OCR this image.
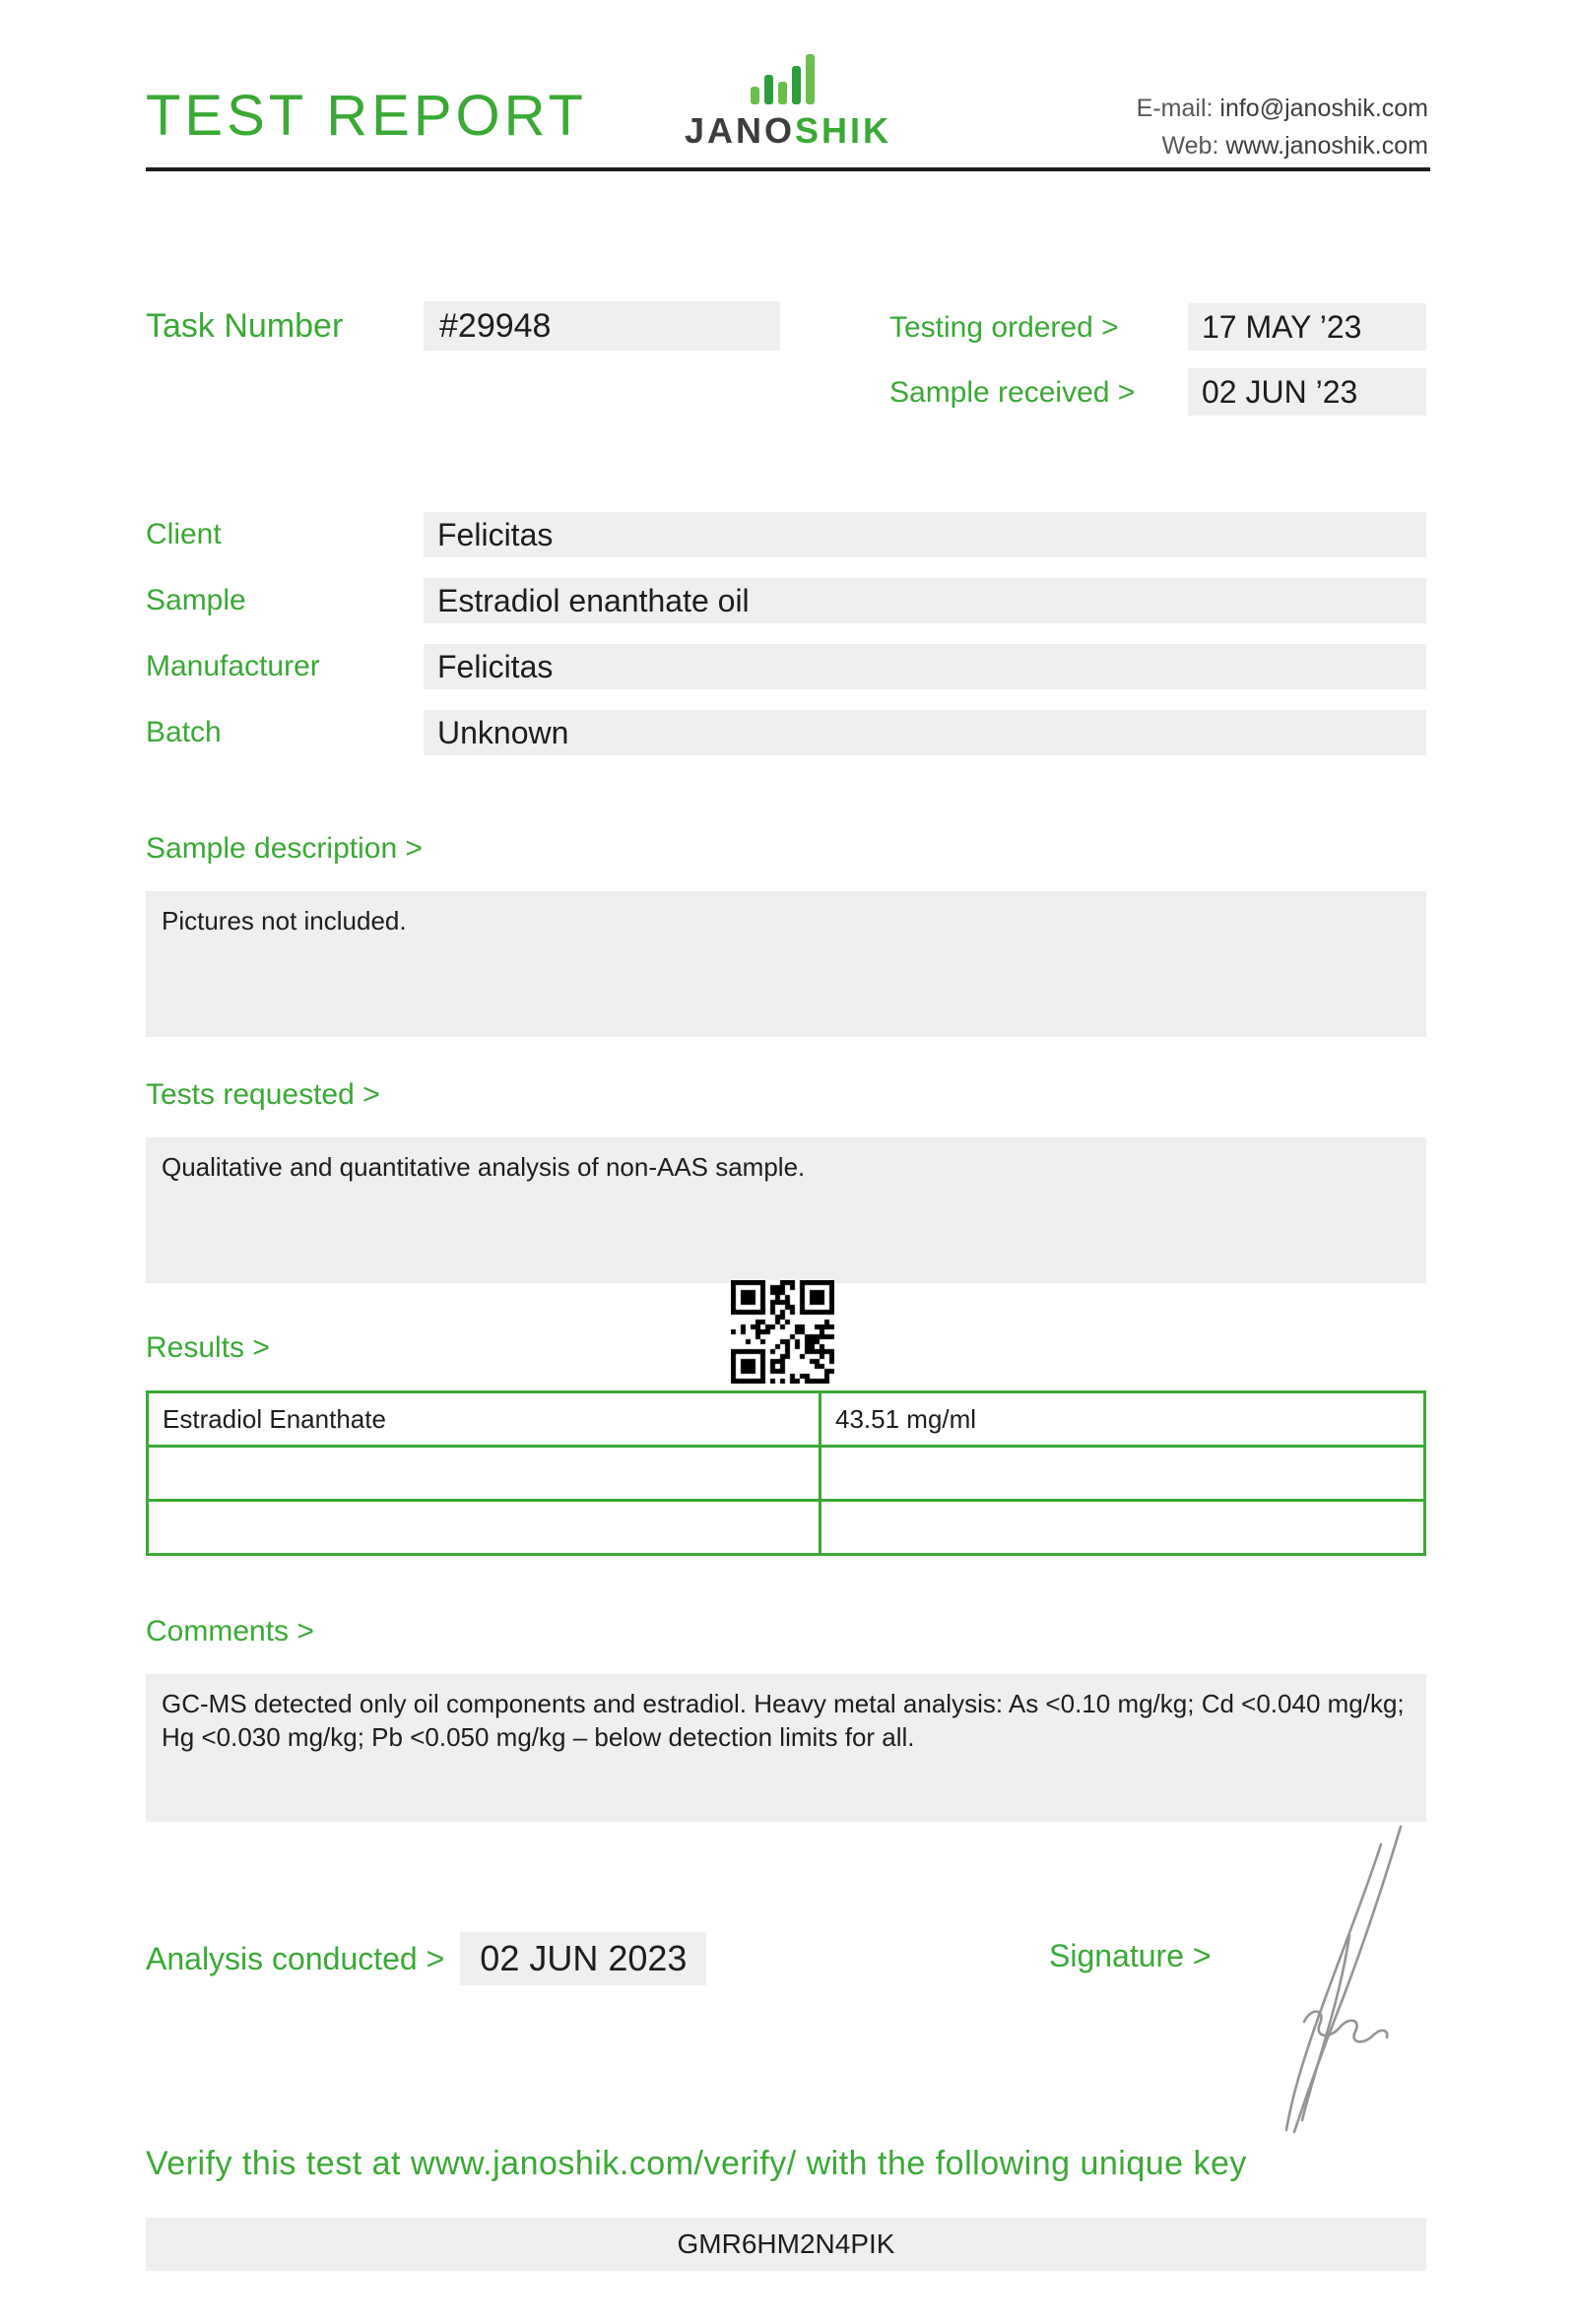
TEST REPORT	JANOSHIK
E-mail: info@janoshik.com
Web: www.janoshik.com
Task Number	#29948	Testing ordered >	17 MAY ’23
Sample received >	02 JUN ’23
Client	Felicitas
Sample	Estradiol enanthate oil
Manufacturer	Felicitas
Batch	Unknown
Sample description >
Pictures not included.
Tests requested >
Qualitative and quantitative analysis of non-AAS sample.
Results >
Estradiol Enanthate	43.51 mg/ml

Comments >
GC-MS detected only oil components and estradiol. Heavy metal analysis: As <0.10 mg/kg; Cd <0.040 mg/kg; Hg <0.030 mg/kg; Pb <0.050 mg/kg – below detection limits for all.
Analysis conducted >	02 JUN 2023	Signature >
Verify this test at www.janoshik.com/verify/ with the following unique key
GMR6HM2N4PIK
